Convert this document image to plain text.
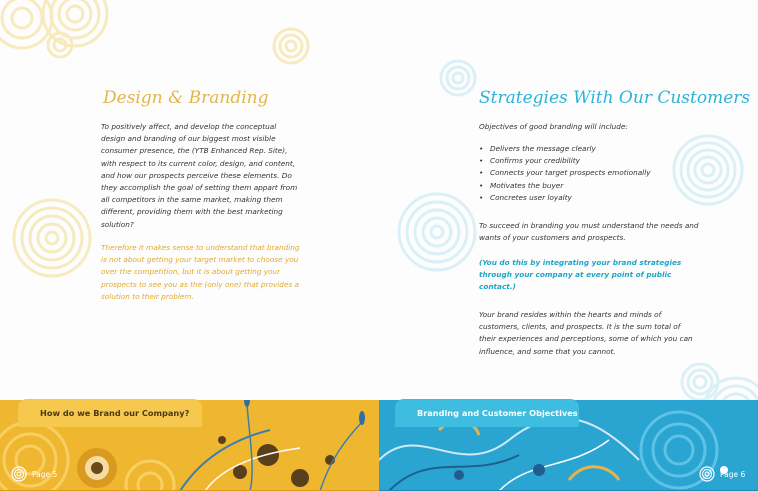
Design & Branding

To positively affect, and develop the conceptual design and branding of our biggest most visible consumer presence, the (YTB Enhanced Rep. Site), with respect to its current color, design, and content, and how our prospects perceive these elements. Do they accomplish the goal of setting them appart from all competitors in the same market, making them different, providing them with the best marketing solution?

Therefore it makes sense to understand that branding is not about getting your target market to choose you over the competition, but it is about getting your prospects to see you as the (only one) that provides a solution to their problem.

Strategies With Our Customers

Objectives of good branding will include:

• Delivers the message clearly
• Confirms your credibility
• Connects your target prospects emotionally
• Motivates the buyer
• Concretes user loyalty

To succeed in branding you must understand the needs and wants of your customers and prospects.

(You do this by integrating your brand strategies through your company at every point of public contact.)

Your brand resides within the hearts and minds of customers, clients, and prospects. It is the sum total of their experiences and perceptions, some of which you can influence, and some that you cannot.

How do we Brand our Company?	Branding and Customer Objectives
Page 5	Page 6
